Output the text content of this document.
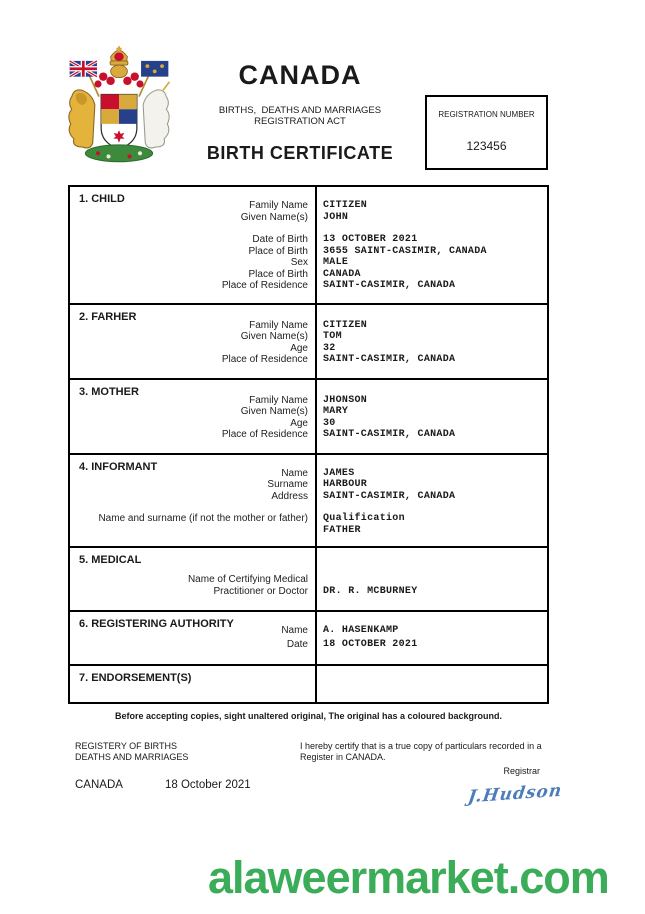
CANADA
BIRTHS,  DEATHS AND MARRIAGES REGISTRATION ACT
BIRTH CERTIFICATE
REGISTRATION NUMBER
123456
1. CHILD
Family Name	CITIZEN
Given Name(s)	JOHN
Date of Birth	13 OCTOBER 2021
Place of Birth	3655 SAINT-CASIMIR, CANADA
Sex	MALE
Place of Birth	CANADA
Place of Residence	SAINT-CASIMIR, CANADA
2. FARHER
Family Name	CITIZEN
Given Name(s)	TOM
Age	32
Place of Residence	SAINT-CASIMIR, CANADA
3. MOTHER
Family Name	JHONSON
Given Name(s)	MARY
Age	30
Place of Residence	SAINT-CASIMIR, CANADA
4. INFORMANT
Name	JAMES
Surname	HARBOUR
Address	SAINT-CASIMIR, CANADA
Name and surname (if not the mother or father)	Qualification
FATHER
5. MEDICAL
Name of Certifying Medical
Practitioner or Doctor	DR. R. MCBURNEY
6. REGISTERING AUTHORITY
Name	A. HASENKAMP
Date	18 OCTOBER 2021
7. ENDORSEMENT(S)
Before accepting copies, sight unaltered original, The original has a coloured background.
REGISTERY OF BIRTHS
DEATHS AND MARRIAGES
I hereby certify that is a true copy of particulars recorded in a Register in CANADA.
Registrar
CANADA	18 October 2021	J.Hudson
alaweermarket.com
